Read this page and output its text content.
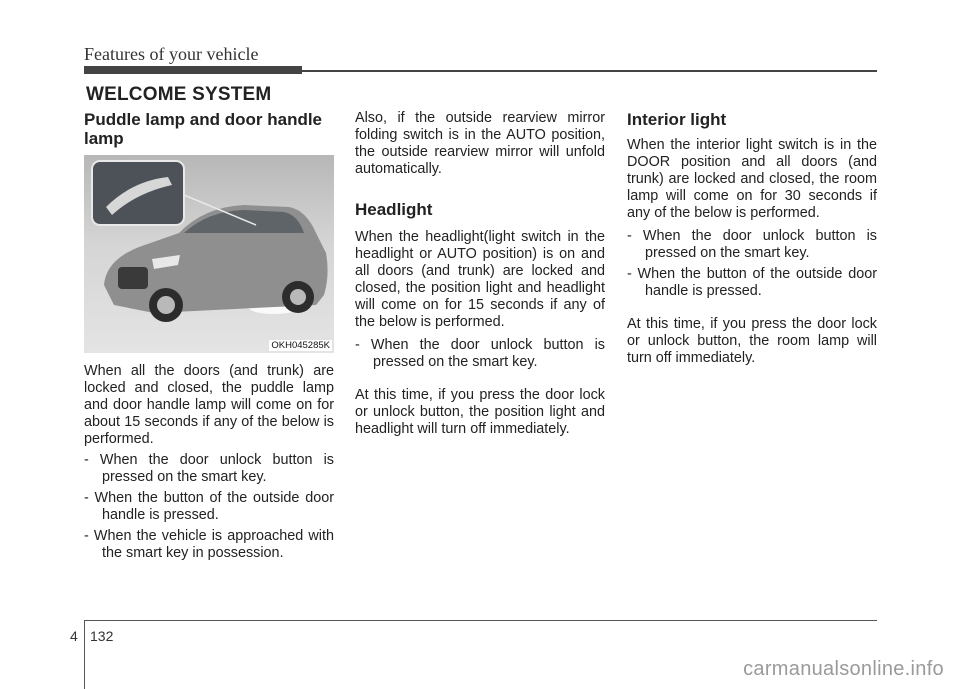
Features of your vehicle
WELCOME SYSTEM
Puddle lamp and door handle lamp
OKH045285K

When all the doors (and trunk) are locked and closed, the puddle lamp and door handle lamp will come on for about 15 seconds if any of the below is performed.

- When the door unlock button is pressed on the smart key.

- When the button of the outside door handle is pressed.

- When the vehicle is approached with the smart key in possession.

Also, if the outside rearview mirror folding switch is in the AUTO position, the outside rearview mirror will unfold automatically.

Headlight

When the headlight(light switch in the headlight or AUTO position) is on and all doors (and trunk) are locked and closed, the position light and headlight will come on for 15 seconds if any of the below is performed.

- When the door unlock button is pressed on the smart key.

At this time, if you press the door lock or unlock button, the position light and headlight will turn off immediately.

Interior light

When the interior light switch is in the DOOR position and all doors (and trunk) are locked and closed, the room lamp will come on for 30 seconds if any of the below is performed.

- When the door unlock button is pressed on the smart key.

- When the button of the outside door handle is pressed.

At this time, if you press the door lock or unlock button, the room lamp will turn off immediately.

4 132
carmanualsonline.info
